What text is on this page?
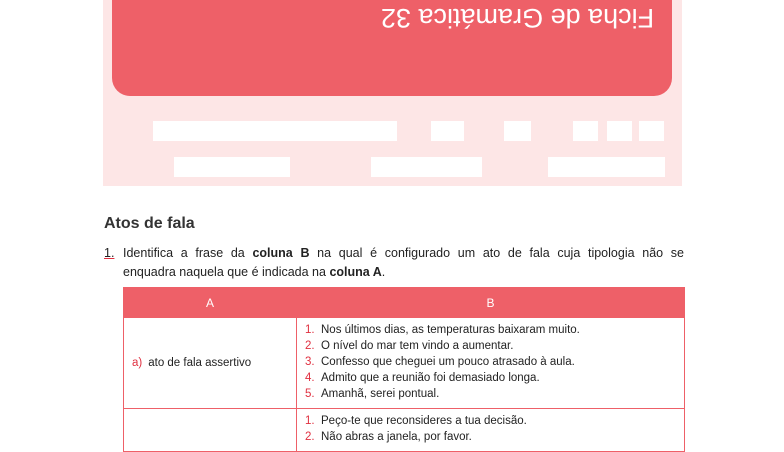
Ficha de Gramática 32
Atos de fala
1. Identifica a frase da coluna B na qual é configurado um ato de fala cuja tipologia não se
enquadra naquela que é indicada na coluna A.
A	B
a) ato de fala assertivo	1. Nos últimos dias, as temperaturas baixaram muito.
2. O nível do mar tem vindo a aumentar.
3. Confesso que cheguei um pouco atrasado à aula.
4. Admito que a reunião foi demasiado longa.
5. Amanhã, serei pontual.

	1. Peço-te que reconsideres a tua decisão.
2. Não abras a janela, por favor.
